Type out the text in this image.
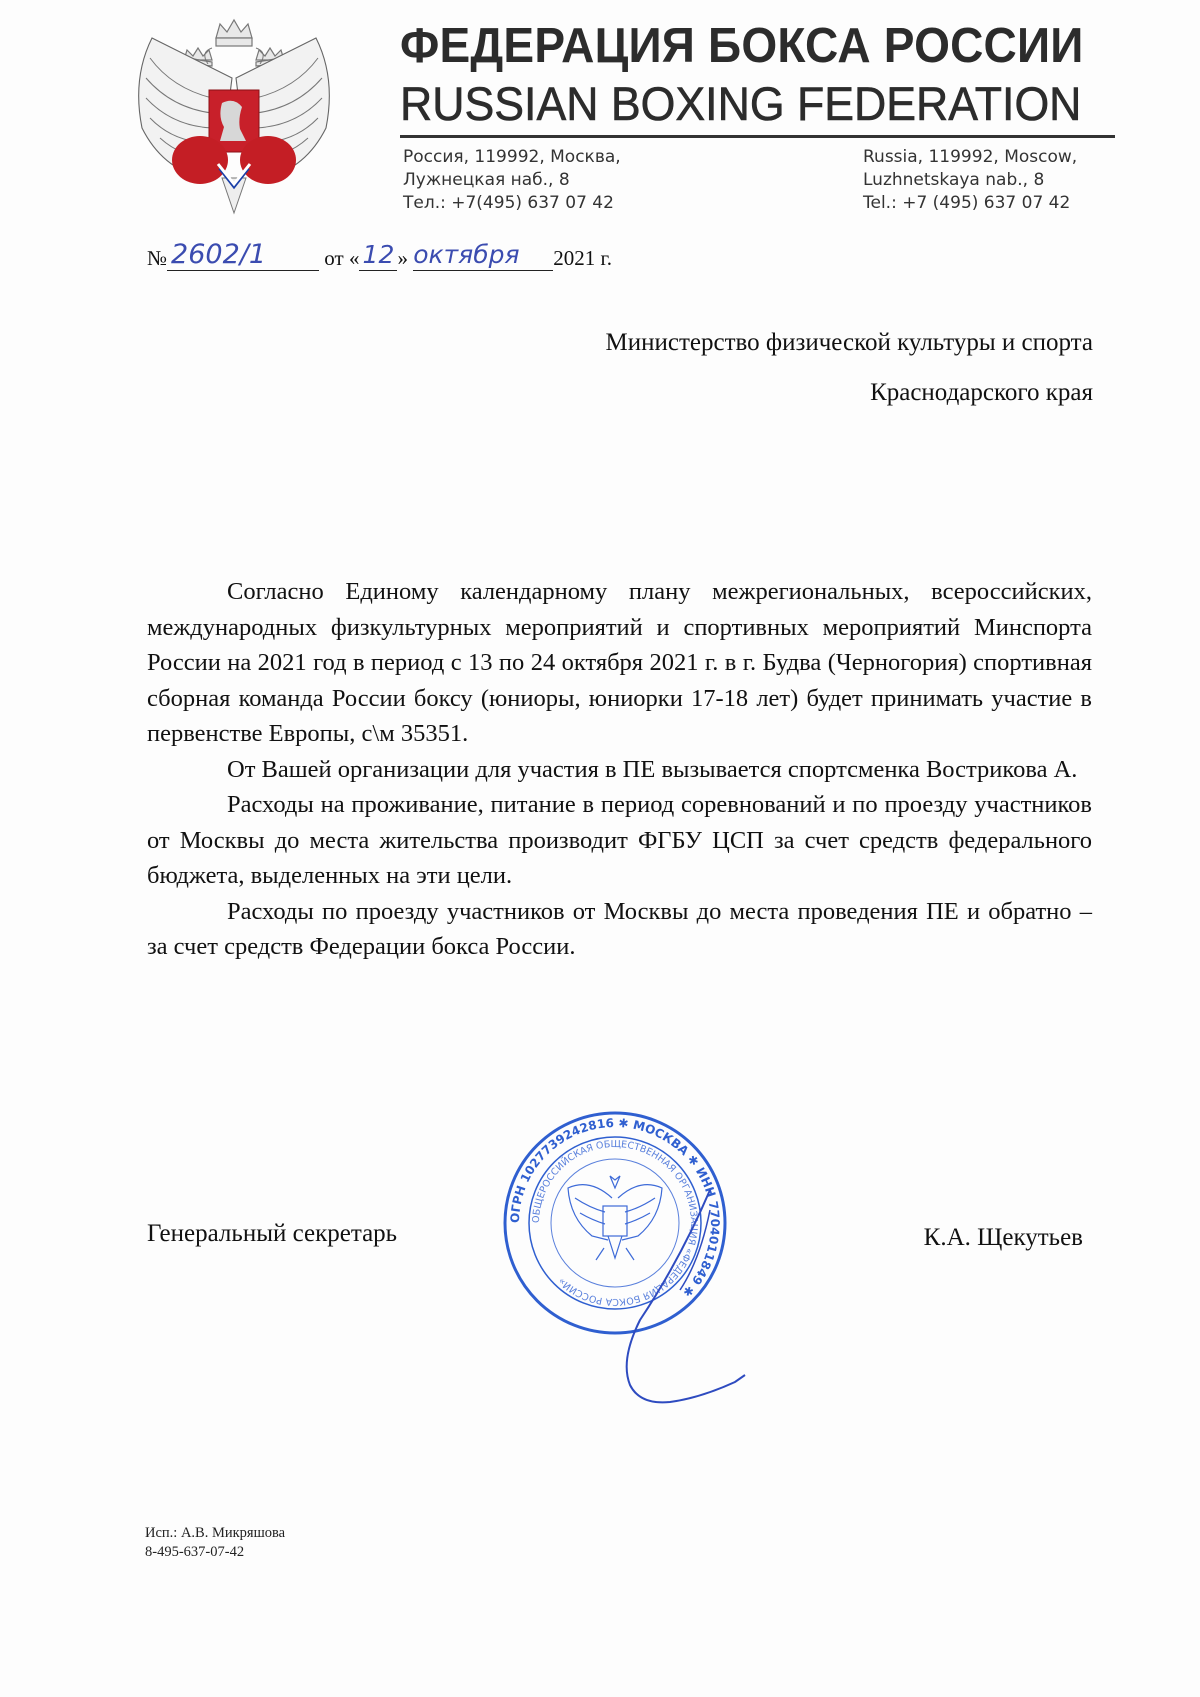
ФЕДЕРАЦИЯ БОКСА РОССИИ
RUSSIAN BOXING FEDERATION
Россия, 119992, Москва,
Лужнецкая наб., 8
Тел.: +7(495) 637 07 42
Russia, 119992, Moscow,
Luzhnetskaya nab., 8
Tel.: +7 (495) 637 07 42
№ 2602/1	от « 12 » октября 2021 г.
Министерство физической культуры и спорта
Краснодарского края

Согласно Единому календарному плану межрегиональных, всероссийских, международных физкультурных мероприятий и спортивных мероприятий Минспорта России на 2021 год в период с 13 по 24 октября 2021 г. в г. Будва (Черногория) спортивная сборная команда России боксу (юниоры, юниорки 17-18 лет) будет принимать участие в первенстве Европы, с\м 35351.

От Вашей организации для участия в ПЕ вызывается спортсменка Вострикова А.

Расходы на проживание, питание в период соревнований и по проезду участников от Москвы до места жительства производит ФГБУ ЦСП за счет средств федерального бюджета, выделенных на эти цели.

Расходы по проезду участников от Москвы до места проведения ПЕ и обратно – за счет средств Федерации бокса России.

Генеральный секретарь	К.А. Щекутьев
ОГРН 1027739242816 ✱ МОСКВА ✱ ИНН 7704011849 ✱
ОБЩЕРОССИЙСКАЯ ОБЩЕСТВЕННАЯ ОРГАНИЗАЦИЯ «ФЕДЕРАЦИЯ БОКСА РОССИИ»
Исп.: А.В. Микряшова
8-495-637-07-42
